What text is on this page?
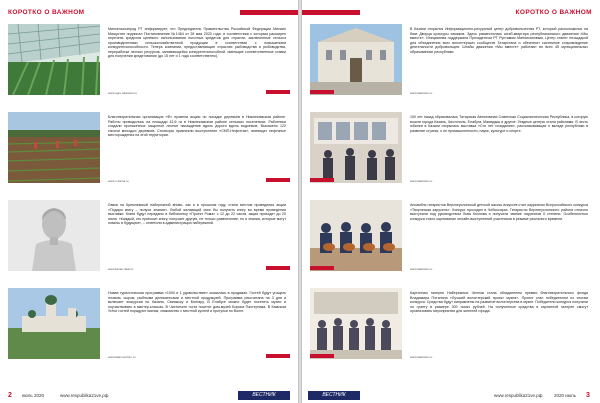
КОРОТКО О ВАЖНОМ
Минсельхозпрод РТ информирует, что Председатель Правительства Российской Федерации Михаил Мишустин подписал Постановление №1464 от 28 мая 2020 года, в соответствии с которым расширен перечень кредитов целевого использования льготных кредитов для отрасли, заключенные сельхоз производителями сельскохозяйственной продукции в соответствии с повышением конкурентоспособности. Теперь компании, предоставляющие отраслях рыбоводства и рыбоводства, переработки лесных ресурсов, занимающейся конкурентоспособной, имеющие соответственные ставки для получения кредитования (до 15 лет и 1 года соответственно).
www.agro.tatarstan.ru
Благотворительная организация «Ф» провели акцию по посадке деревьев в Нижнекамском районе. Работы проводились на площади 42,6 га в Нижнекамском районе сельских поселениях. Работники создали протяженное защитное лесное насаждение вдоль дороги вдоль водоемов. Высажено 122 тысячи молодых деревьев. Спонсоры привлекли выступление «СМП-Нефтегаз», имеющих нефтяные месторождения на этой территории.
www.n-kama.ru
Лавки на Кремлевской набережной вновь, как и в прошлом году, стали местом проведения акции «Подари книгу – получи знания». Любой желающий смог бы получить книгу во время проведения выставки. Книги будут переданы в библиотеку «Проект Рома» с 12 до 22 часов, акция проходит до 20 июля. «Каждый, кто приносит книгу, получает другую, не только развлечение, но и знания, которые могут помочь в будущем», – отметили в администрации набережной.
www.kazan.tatar.ru
Новая туристическая программа «1000 и 1 удовольствие» оказалась в продажах. Гостей будут угощать пловом, сыром, рыбными деликатесами и местной продукцией. Программа рассчитана на 3 дня и включает экскурсии по Казани, Свияжску и Болгару. В Елабуге можно будет посетить музеи и поучаствовать в мастер-классах. В Чистополе гости посетят дом-музей Бориса Пастернака. В Камском Устье гостей порадуют пикник, знакомство с местной кухней и прогулки по Волге.
www.tatar-tourism.ru
2	июль 2020	www.respublika21ve.рф	ВЕСТНИК
КОРОТКО О ВАЖНОМ
В Казани открылся Информационно-ресурсный центр добровольчества РТ, который расположился на базе Дворца культуры химиков. Здесь разместилась штаб-квартира республиканского движения «Мы вместе». Инициатива поддержана Президентом РТ Рустамом Миннихановым. Центр станет площадкой для объединения всех волонтерских сообществ Татарстана и обеспечит системное сопровождение деятельности добровольцев. Штабы движения «Мы вместе» работают во всех 45 муниципальных образованиях республики.
www.tatarstan.ru
100 лет назад образовалась Татарская Автономная Советская Социалистическая Республика, в которую вошли города Казань, Чистополь, Елабуга, Мамадыш и другие. Уездные центры стали районами. В честь юбилея в Казани открылась выставка «Сто лет созидания», рассказывающая о вкладе республики в развитие страны, о ее промышленности, науке, культуре и спорте.
www.tatarstan.ru
Ансамбль гитаристов Верхнеуслонской детской школы искусств стал лауреатом Всероссийского конкурса «Творческая карусель». Конкурс проходил в Чебоксарах. Гитаристы Верхнеуслонского района отлично выступили под руководством Льва Козлова и получили звание лауреатов II степени. Особенностью конкурса стало оценивание онлайн-выступлений участников в режиме реального времени.
www.tatarstan.ru
Картинная галерея Набережных Челнов стала обладателем премии благотворительного фонда Владимира Потанина «Лучший волонтерский проект музея». Проект стал победителем по итогам конкурса. Средства будут направлены на развитие волонтерства в музее. Победители конкурса получили по гранту в размере 300 тысяч рублей. На полученные средства в картинной галерее смогут организовать мероприятия для жителей города.
www.tatarstan.ru
ВЕСТНИК	www.respublika21ve.рф	2020 июль 3
